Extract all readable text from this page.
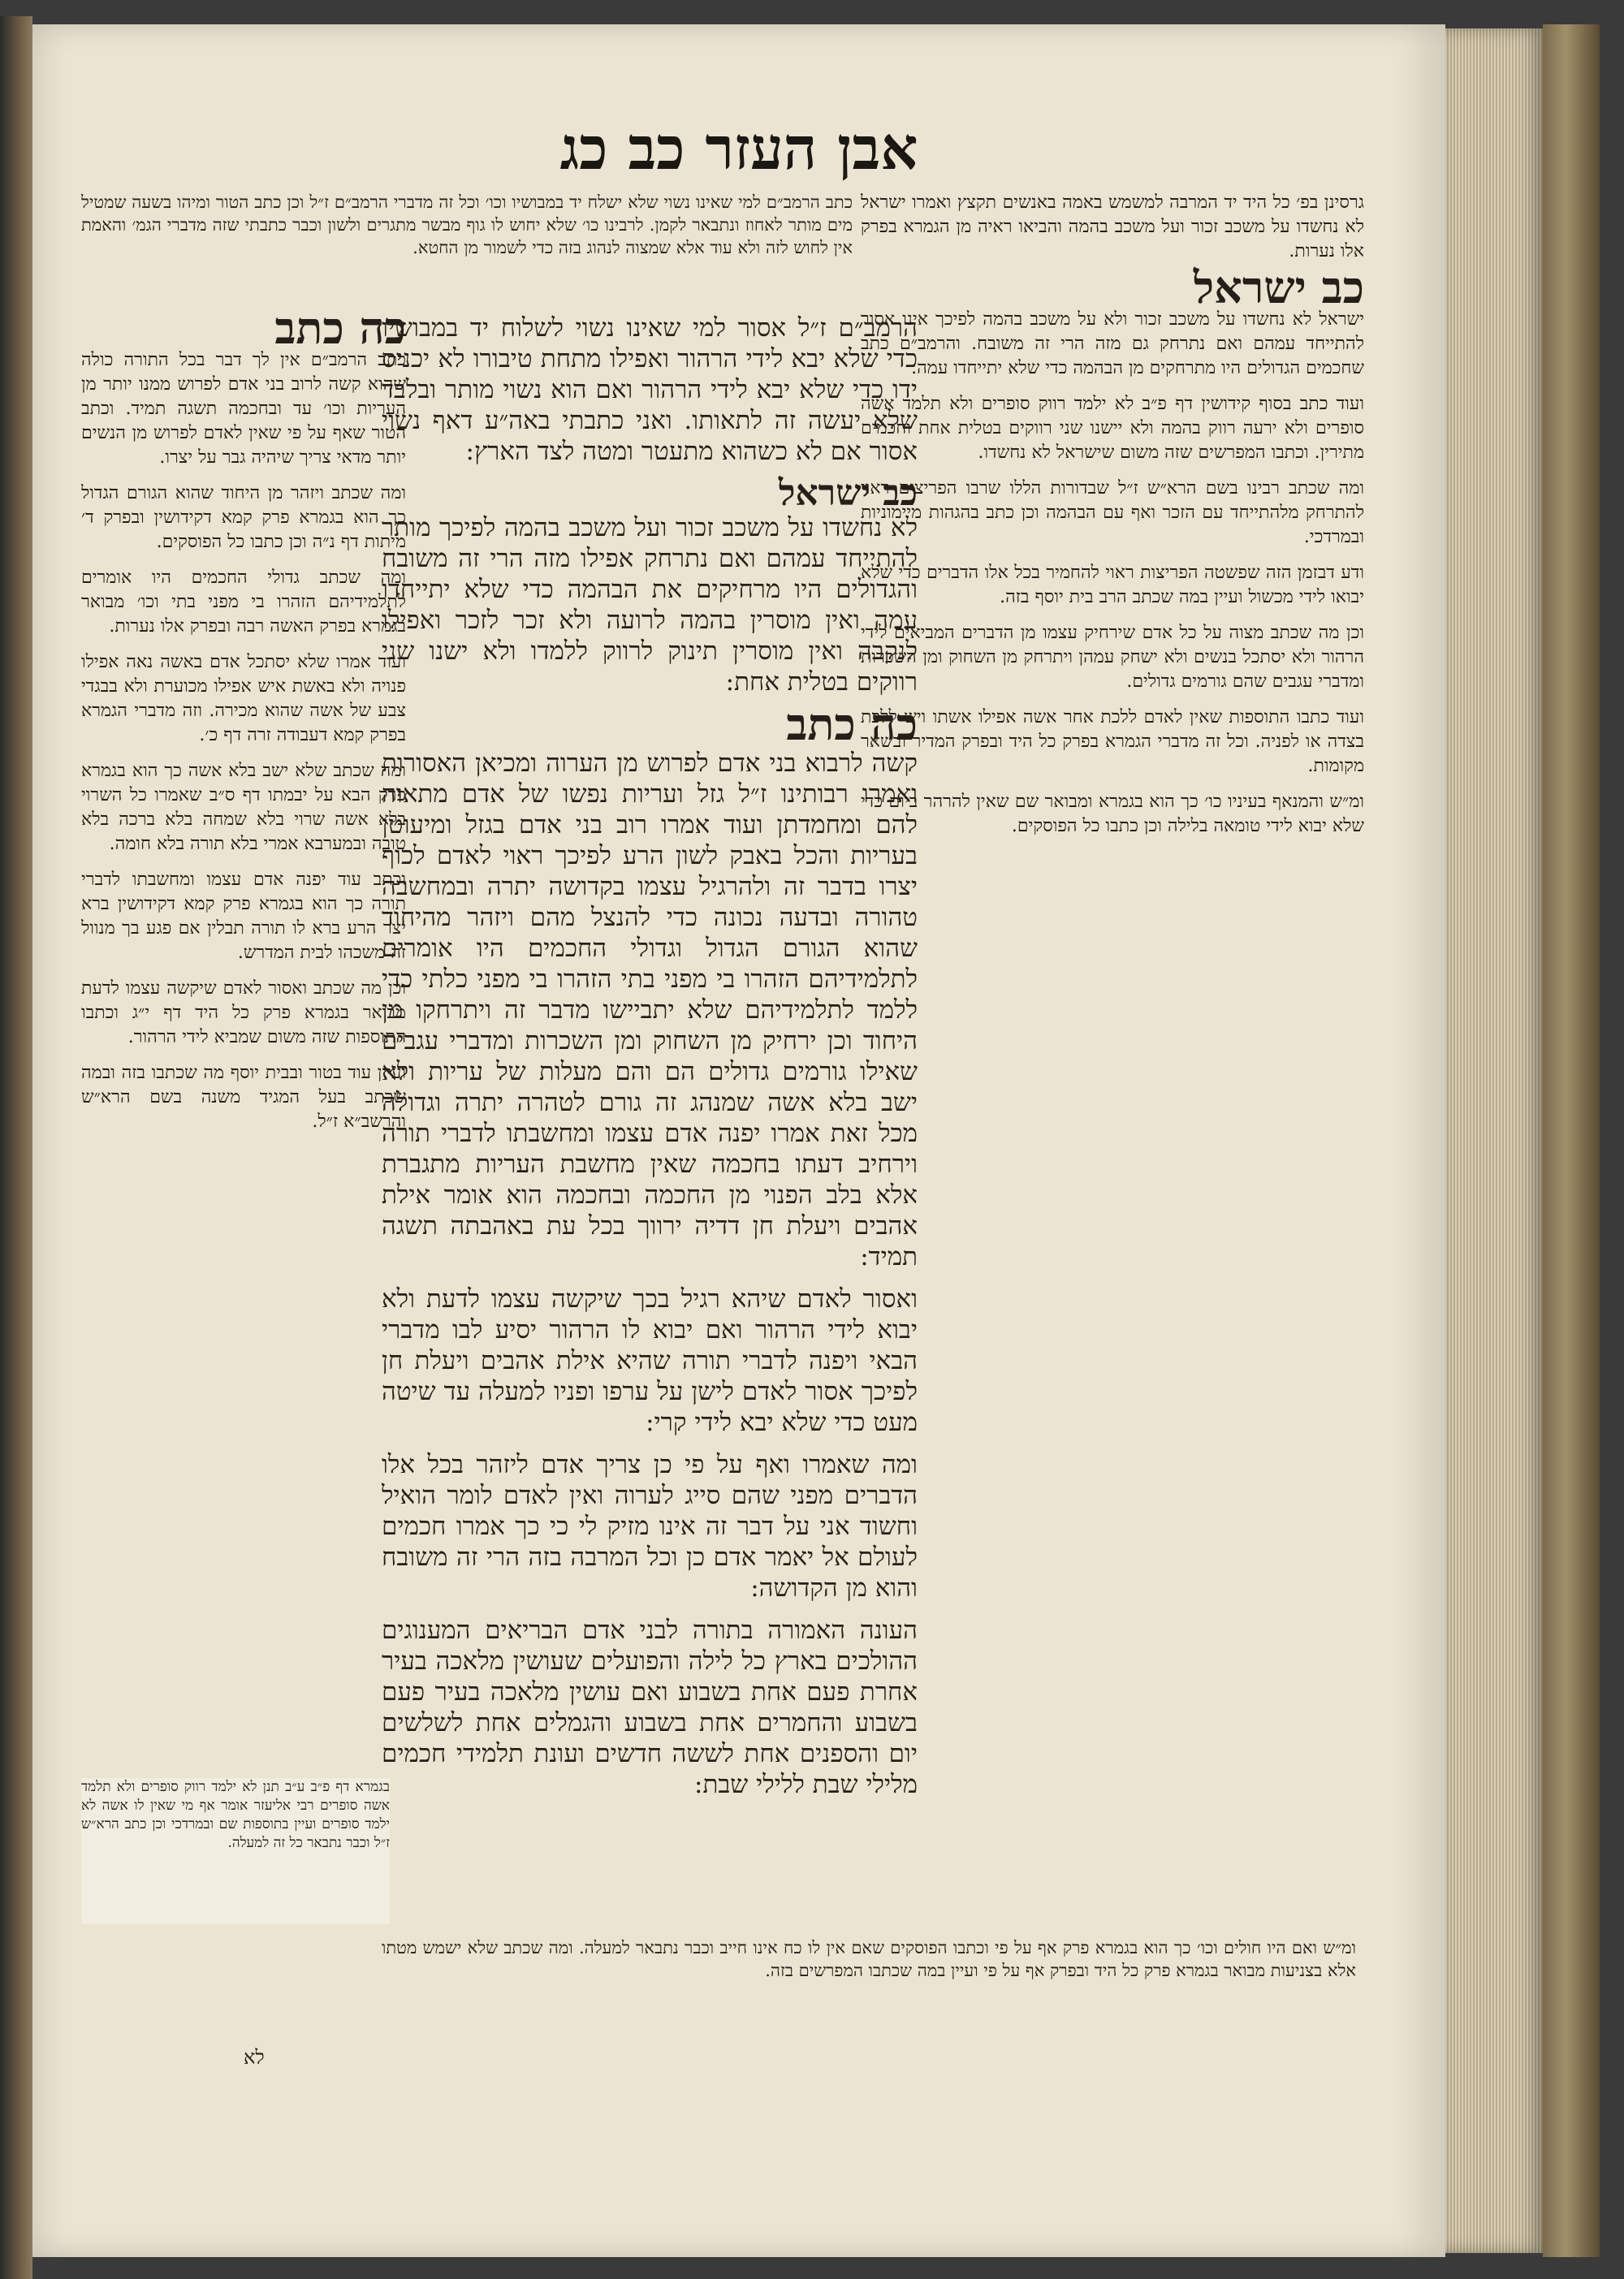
אבן העזר כב כג
כתב הרמב״ם למי שאינו נשוי שלא ישלח יד במבושיו וכו׳ וכל זה מדברי הרמב״ם ז״ל וכן כתב הטור ומיהו בשעה שמטיל מים מותר לאחוז ונתבאר לקמן. לרבינו כו׳ שלא יחוש לו גוף מבשר מתגרים ולשון וכבר כתבתי שזה מדברי הגמ׳ והאמת אין לחוש לזה ולא עוד אלא שמצוה לנהוג בזה כדי לשמור מן החטא.

גרסינן בפ׳ כל היד יד המרבה למשמש באמה באנשים תקצץ ואמרו ישראל לא נחשדו על משכב זכור ועל משכב בהמה והביאו ראיה מן הגמרא בפרק אלו נערות.

כב ישראל

ישראל לא נחשדו על משכב זכור ולא על משכב בהמה לפיכך אינו אסור להתייחד עמהם ואם נתרחק גם מזה הרי זה משובח. והרמב״ם כתב שחכמים הגדולים היו מתרחקים מן הבהמה כדי שלא יתייחדו עמה.

ועוד כתב בסוף קידושין דף פ״ב לא ילמד רווק סופרים ולא תלמד אשה סופרים ולא ירעה רווק בהמה ולא יישנו שני רווקים בטלית אחת וחכמים מתירין. וכתבו המפרשים שזה משום שישראל לא נחשדו.

ומה שכתב רבינו בשם הרא״ש ז״ל שבדורות הללו שרבו הפריצים ראוי להתרחק מלהתייחד עם הזכר ואף עם הבהמה וכן כתב בהגהות מיימוניות ובמרדכי.

ודע דבזמן הזה שפשטה הפריצות ראוי להחמיר בכל אלו הדברים כדי שלא יבואו לידי מכשול ועיין במה שכתב הרב בית יוסף בזה.

וכן מה שכתב מצוה על כל אדם שירחיק עצמו מן הדברים המביאים לידי הרהור ולא יסתכל בנשים ולא ישחק עמהן ויתרחק מן השחוק ומן השכרות ומדברי עגבים שהם גורמים גדולים.

ועוד כתבו התוספות שאין לאדם ללכת אחר אשה אפילו אשתו ויש ללכת בצדה או לפניה. וכל זה מדברי הגמרא בפרק כל היד ובפרק המדיר ובשאר מקומות.

ומ״ש והמנאף בעיניו כו׳ כך הוא בגמרא ומבואר שם שאין להרהר ביום כדי שלא יבוא לידי טומאה בלילה וכן כתבו כל הפוסקים.

הרמב״ם ז״ל אסור למי שאינו נשוי לשלוח יד במבושיו כדי שלא יבא לידי הרהור ואפילו מתחת טיבורו לא יכניס ידו כדי שלא יבא לידי הרהור ואם הוא נשוי מותר ובלבד שלא יעשה זה לתאותו. ואני כתבתי באה״ע דאף נשוי אסור אם לא כשהוא מתעטר ומטה לצד הארץ:

כב ישראל

לא נחשדו על משכב זכור ועל משכב בהמה לפיכך מותר להתייחד עמהם ואם נתרחק אפילו מזה הרי זה משובח והגדולים היו מרחיקים את הבהמה כדי שלא יתייחדו עמה ואין מוסרין בהמה לרועה ולא זכר לזכר ואפילו לנקבה ואין מוסרין תינוק לרווק ללמדו ולא ישנו שני רווקים בטלית אחת:

כה כתב

קשה לרבוא בני אדם לפרוש מן הערוה ומכיאן האסורות ואמרו רבותינו ז״ל גזל ועריות נפשו של אדם מתאוה להם ומחמדתן ועוד אמרו רוב בני אדם בגזל ומיעוטן בעריות והכל באבק לשון הרע לפיכך ראוי לאדם לכוף יצרו בדבר זה ולהרגיל עצמו בקדושה יתרה ובמחשבה טהורה ובדעה נכונה כדי להנצל מהם ויזהר מהיחוד שהוא הגורם הגדול וגדולי החכמים היו אומרים לתלמידיהם הזהרו בי מפני בתי הזהרו בי מפני כלתי כדי ללמד לתלמידיהם שלא יתביישו מדבר זה ויתרחקו מן היחוד וכן ירחיק מן השחוק ומן השכרות ומדברי עגבים שאילו גורמים גדולים הם והם מעלות של עריות ולא ישב בלא אשה שמנהג זה גורם לטהרה יתרה וגדולה מכל זאת אמרו יפנה אדם עצמו ומחשבתו לדברי תורה וירחיב דעתו בחכמה שאין מחשבת העריות מתגברת אלא בלב הפנוי מן החכמה ובחכמה הוא אומר אילת אהבים ויעלת חן דדיה ירווך בכל עת באהבתה תשגה תמיד:

ואסור לאדם שיהא רגיל בכך שיקשה עצמו לדעת ולא יבוא לידי הרהור ואם יבוא לו הרהור יסיע לבו מדברי הבאי ויפנה לדברי תורה שהיא אילת אהבים ויעלת חן לפיכך אסור לאדם לישן על ערפו ופניו למעלה עד שיטה מעט כדי שלא יבא לידי קרי:

ומה שאמרו ואף על פי כן צריך אדם ליזהר בכל אלו הדברים מפני שהם סייג לערוה ואין לאדם לומר הואיל וחשוד אני על דבר זה אינו מזיק לי כי כך אמרו חכמים לעולם אל יאמר אדם כן וכל המרבה בזה הרי זה משובח והוא מן הקדושה:

העונה האמורה בתורה לבני אדם הבריאים המענוגים ההולכים בארץ כל לילה והפועלים שעושין מלאכה בעיר אחרת פעם אחת בשבוע ואם עושין מלאכה בעיר פעם בשבוע והחמרים אחת בשבוע והגמלים אחת לשלשים יום והספנים אחת לששה חדשים ועונת תלמידי חכמים מלילי שבת ללילי שבת:

כה כתב

כתב הרמב״ם אין לך דבר בכל התורה כולה שהוא קשה לרוב בני אדם לפרוש ממנו יותר מן העריות וכו׳ עד ובחכמה תשגה תמיד. וכתב הטור שאף על פי שאין לאדם לפרוש מן הנשים יותר מדאי צריך שיהיה גבר על יצרו.

ומה שכתב ויזהר מן היחוד שהוא הגורם הגדול כך הוא בגמרא פרק קמא דקידושין ובפרק ד׳ מיתות דף נ״ה וכן כתבו כל הפוסקים.

ומה שכתב גדולי החכמים היו אומרים לתלמידיהם הזהרו בי מפני בתי וכו׳ מבואר בגמרא בפרק האשה רבה ובפרק אלו נערות.

ועוד אמרו שלא יסתכל אדם באשה נאה אפילו פנויה ולא באשת איש אפילו מכוערת ולא בבגדי צבע של אשה שהוא מכירה. וזה מדברי הגמרא בפרק קמא דעבודה זרה דף כ׳.

ומה שכתב שלא ישב בלא אשה כך הוא בגמרא פרק הבא על יבמתו דף ס״ב שאמרו כל השרוי בלא אשה שרוי בלא שמחה בלא ברכה בלא טובה ובמערבא אמרי בלא תורה בלא חומה.

וכתב עוד יפנה אדם עצמו ומחשבתו לדברי תורה כך הוא בגמרא פרק קמא דקידושין ברא יצר הרע ברא לו תורה תבלין אם פגע בך מנוול זה משכהו לבית המדרש.

וכן מה שכתב ואסור לאדם שיקשה עצמו לדעת מבואר בגמרא פרק כל היד דף י״ג וכתבו התוספות שזה משום שמביא לידי הרהור.

ועיין עוד בטור ובבית יוסף מה שכתבו בזה ובמה שכתב בעל המגיד משנה בשם הרא״ש והרשב״א ז״ל.

בגמרא דף פ״ב ע״ב תנן לא ילמד רווק סופרים ולא תלמד אשה סופרים רבי אליעזר אומר אף מי שאין לו אשה לא ילמד סופרים ועיין בתוספות שם ובמרדכי וכן כתב הרא״ש ז״ל וכבר נתבאר כל זה למעלה.
ומ״ש ואם היו חולים וכו׳ כך הוא בגמרא פרק אף על פי וכתבו הפוסקים שאם אין לו כח אינו חייב וכבר נתבאר למעלה. ומה שכתב שלא ישמש מטתו אלא בצניעות מבואר בגמרא פרק כל היד ובפרק אף על פי ועיין במה שכתבו המפרשים בזה.
לא
